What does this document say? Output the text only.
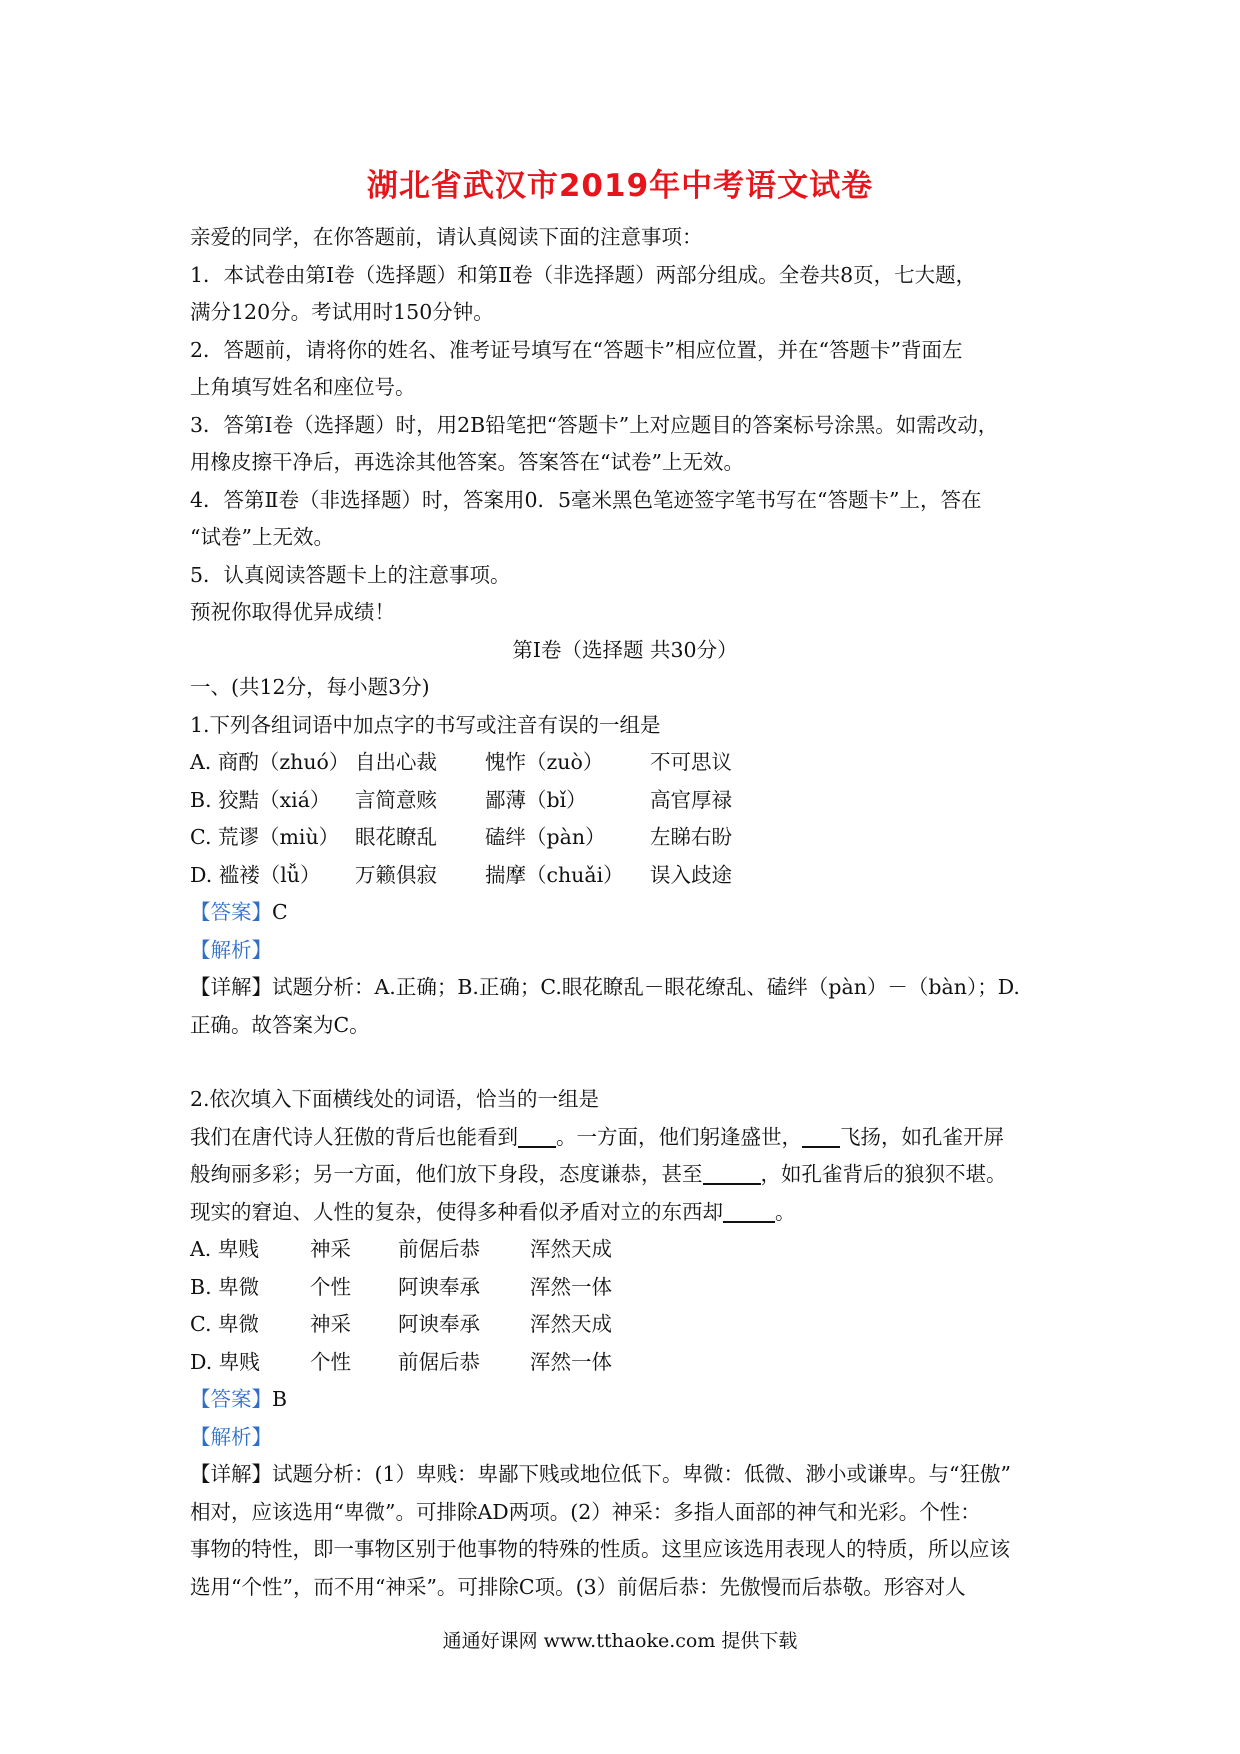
湖北省武汉市2019年中考语文试卷
亲爱的同学，在你答题前，请认真阅读下面的注意事项：
1．本试卷由第Ⅰ卷（选择题）和第Ⅱ卷（非选择题）两部分组成。全卷共8页，七大题，
满分120分。考试用时150分钟。
2．答题前，请将你的姓名、准考证号填写在“答题卡”相应位置，并在“答题卡”背面左
上角填写姓名和座位号。
3．答第Ⅰ卷（选择题）时，用2B铅笔把“答题卡”上对应题目的答案标号涂黑。如需改动，
用橡皮擦干净后，再选涂其他答案。答案答在“试卷”上无效。
4．答第Ⅱ卷（非选择题）时，答案用0．5毫米黑色笔迹签字笔书写在“答题卡”上，答在
“试卷”上无效。
5．认真阅读答题卡上的注意事项。
预祝你取得优异成绩！
第Ⅰ卷（选择题 共30分）
一、(共12分，每小题3分)
1.下列各组词语中加点字的书写或注音有误的一组是
A. 商酌（zhuó） 自出心裁	愧怍（zuò）	不可思议
B. 狡黠（xiá）	言简意赅	鄙薄（bǐ）	高官厚禄
C. 荒谬（miù） 眼花瞭乱	磕绊（pàn）	左睇右盼
D. 褴褛（lǚ）	万籁俱寂	揣摩（chuǎi）	误入歧途
【答案】C
【解析】
【详解】试题分析：A.正确；B.正确；C.眼花瞭乱－眼花缭乱、磕绊（pàn）－（bàn）；D.
正确。故答案为C。
2.依次填入下面横线处的词语，恰当的一组是
我们在唐代诗人狂傲的背后也能看到 。一方面，他们躬逢盛世， 飞扬，如孔雀开屏
般绚丽多彩；另一方面，他们放下身段，态度谦恭，甚至	，如孔雀背后的狼狈不堪。
现实的窘迫、人性的复杂，使得多种看似矛盾对立的东西却	。
A. 卑贱	神采	前倨后恭	浑然天成
B. 卑微	个性	阿谀奉承	浑然一体
C. 卑微	神采	阿谀奉承	浑然天成
D. 卑贱	个性	前倨后恭	浑然一体
【答案】B
【解析】
【详解】试题分析：(1）卑贱：卑鄙下贱或地位低下。卑微：低微、渺小或谦卑。与“狂傲”
相对，应该选用“卑微”。可排除AD两项。(2）神采：多指人面部的神气和光彩。个性：
事物的特性，即一事物区别于他事物的特殊的性质。这里应该选用表现人的特质，所以应该
选用“个性”，而不用“神采”。可排除C项。(3）前倨后恭：先傲慢而后恭敬。形容对人
通通好课网 www.tthaoke.com 提供下载
